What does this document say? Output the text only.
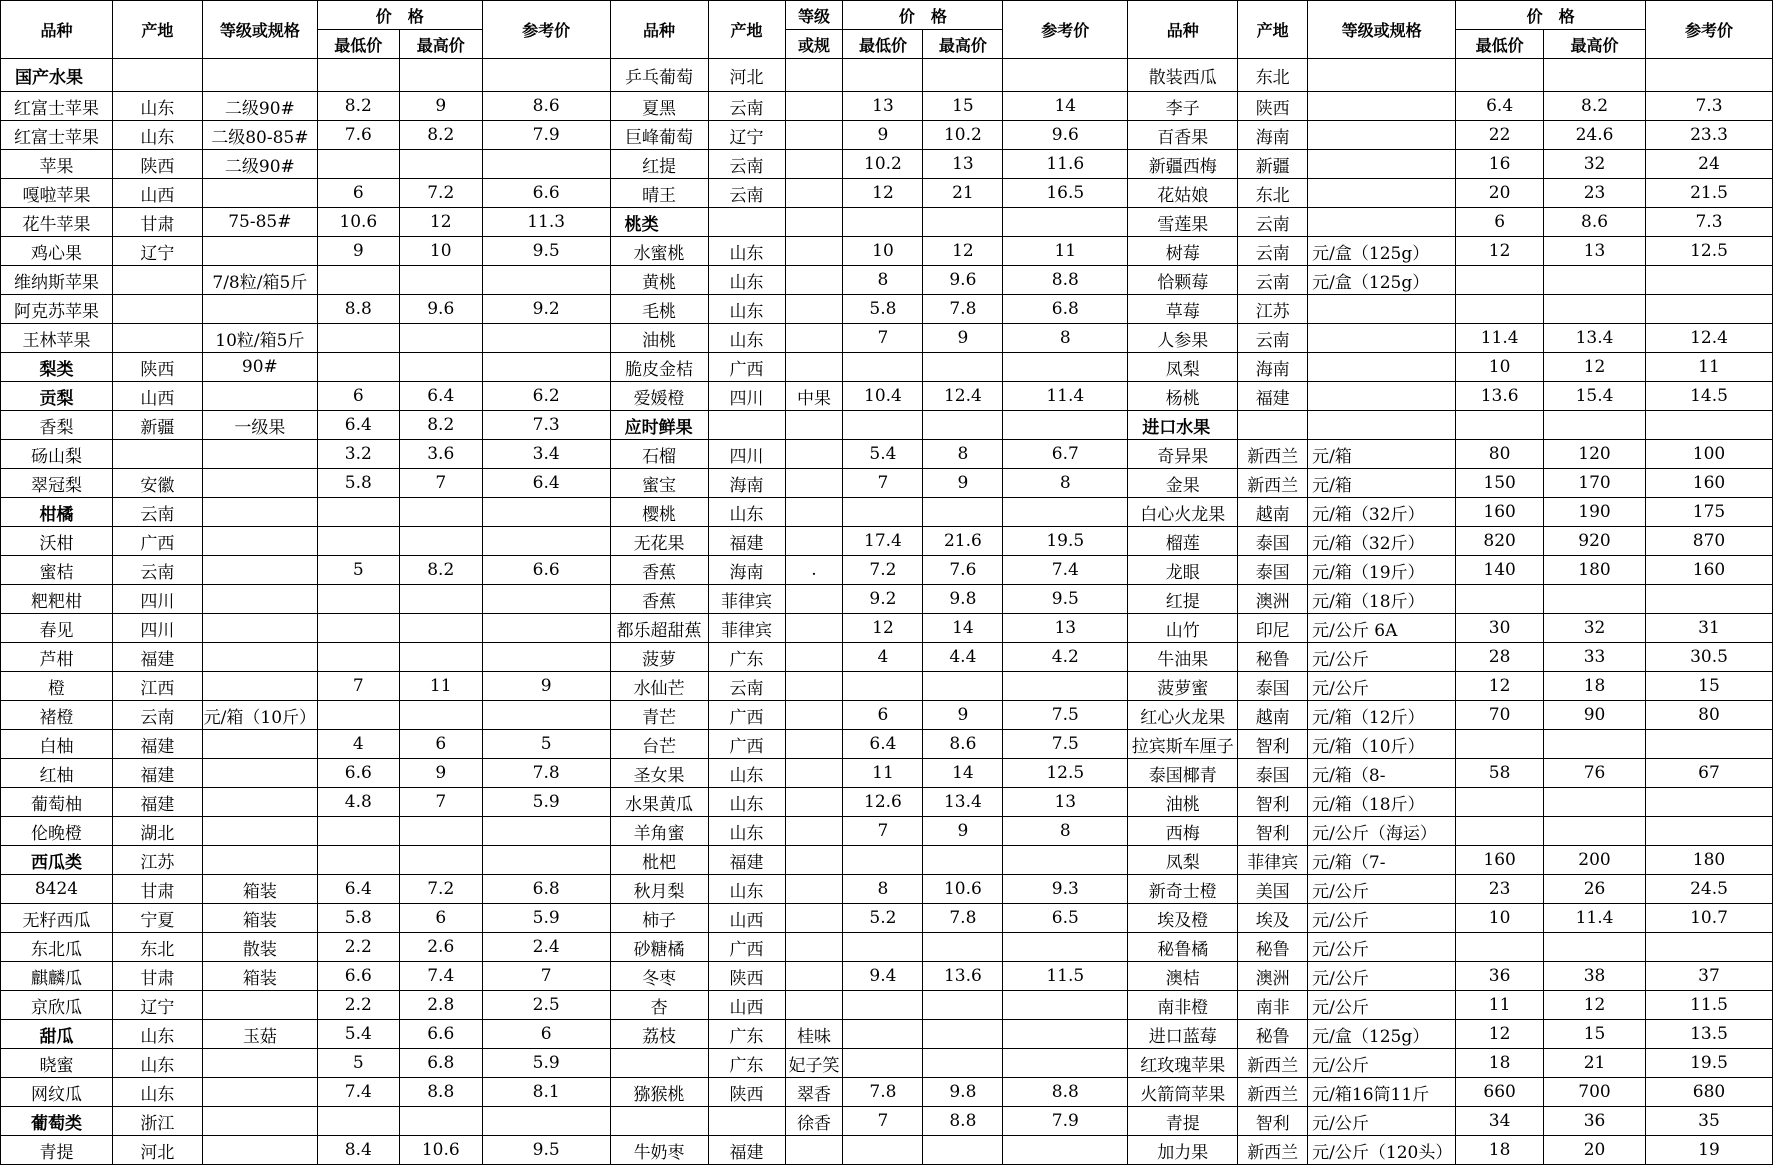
品种	产地	等级或规格	价　格		参考价	品种	产地	等级	价　格		参考价	品种	产地	等级或规格	价　格		参考价
			最低价	最高价				或规	最低价	最高价					最低价	最高价	
国产水果						乒乓葡萄	河北					散装西瓜	东北				
红富士苹果	山东	二级90#	8.2	9	8.6	夏黑	云南		13	15	14	李子	陕西		6.4	8.2	7.3
红富士苹果	山东	二级80-85#	7.6	8.2	7.9	巨峰葡萄	辽宁		9	10.2	9.6	百香果	海南		22	24.6	23.3
苹果	陕西	二级90#				红提	云南		10.2	13	11.6	新疆西梅	新疆		16	32	24
嘎啦苹果	山西		6	7.2	6.6	晴王	云南		12	21	16.5	花姑娘	东北		20	23	21.5
花牛苹果	甘肃	75-85#	10.6	12	11.3	桃类						雪莲果	云南		6	8.6	7.3
鸡心果	辽宁		9	10	9.5	水蜜桃	山东		10	12	11	树莓	云南	元/盒（125g）	12	13	12.5
维纳斯苹果		7/8粒/箱5斤				黄桃	山东		8	9.6	8.8	恰颗莓	云南	元/盒（125g）			
阿克苏苹果			8.8	9.6	9.2	毛桃	山东		5.8	7.8	6.8	草莓	江苏				
王林苹果		10粒/箱5斤				油桃	山东		7	9	8	人参果	云南		11.4	13.4	12.4
梨类	陕西	90#				脆皮金桔	广西					凤梨	海南		10	12	11
贡梨	山西		6	6.4	6.2	爱媛橙	四川	中果	10.4	12.4	11.4	杨桃	福建		13.6	15.4	14.5
香梨	新疆	一级果	6.4	8.2	7.3	应时鲜果						进口水果					
砀山梨			3.2	3.6	3.4	石榴	四川		5.4	8	6.7	奇异果	新西兰	元/箱	80	120	100
翠冠梨	安徽		5.8	7	6.4	蜜宝	海南		7	9	8	金果	新西兰	元/箱	150	170	160
柑橘	云南					樱桃	山东					白心火龙果	越南	元/箱（32斤）	160	190	175
沃柑	广西					无花果	福建		17.4	21.6	19.5	榴莲	泰国	元/箱（32斤）	820	920	870
蜜桔	云南		5	8.2	6.6	香蕉	海南	.	7.2	7.6	7.4	龙眼	泰国	元/箱（19斤）	140	180	160
粑粑柑	四川					香蕉	菲律宾		9.2	9.8	9.5	红提	澳洲	元/箱（18斤）			
春见	四川					都乐超甜蕉	菲律宾		12	14	13	山竹	印尼	元/公斤 6A	30	32	31
芦柑	福建					菠萝	广东		4	4.4	4.2	牛油果	秘鲁	元/公斤	28	33	30.5
橙	江西		7	11	9	水仙芒	云南					菠萝蜜	泰国	元/公斤	12	18	15
褚橙	云南	元/箱（10斤）				青芒	广西		6	9	7.5	红心火龙果	越南	元/箱（12斤）	70	90	80
白柚	福建		4	6	5	台芒	广西		6.4	8.6	7.5	拉宾斯车厘子	智利	元/箱（10斤）			
红柚	福建		6.6	9	7.8	圣女果	山东		11	14	12.5	泰国椰青	泰国	元/箱（8-	58	76	67
葡萄柚	福建		4.8	7	5.9	水果黄瓜	山东		12.6	13.4	13	油桃	智利	元/箱（18斤）			
伦晚橙	湖北					羊角蜜	山东		7	9	8	西梅	智利	元/公斤（海运）			
西瓜类	江苏					枇杷	福建					凤梨	菲律宾	元/箱（7-	160	200	180
8424	甘肃	箱装	6.4	7.2	6.8	秋月梨	山东		8	10.6	9.3	新奇士橙	美国	元/公斤	23	26	24.5
无籽西瓜	宁夏	箱装	5.8	6	5.9	柿子	山西		5.2	7.8	6.5	埃及橙	埃及	元/公斤	10	11.4	10.7
东北瓜	东北	散装	2.2	2.6	2.4	砂糖橘	广西					秘鲁橘	秘鲁	元/公斤			
麒麟瓜	甘肃	箱装	6.6	7.4	7	冬枣	陕西		9.4	13.6	11.5	澳桔	澳洲	元/公斤	36	38	37
京欣瓜	辽宁		2.2	2.8	2.5	杏	山西					南非橙	南非	元/公斤	11	12	11.5
甜瓜	山东	玉菇	5.4	6.6	6	荔枝	广东	桂味				进口蓝莓	秘鲁	元/盒（125g）	12	15	13.5
晓蜜	山东		5	6.8	5.9		广东	妃子笑				红玫瑰苹果	新西兰	元/公斤	18	21	19.5
网纹瓜	山东		7.4	8.8	8.1	猕猴桃	陕西	翠香	7.8	9.8	8.8	火箭筒苹果	新西兰	元/箱16筒11斤	660	700	680
葡萄类	浙江							徐香	7	8.8	7.9	青提	智利	元/公斤	34	36	35
青提	河北		8.4	10.6	9.5	牛奶枣	福建					加力果	新西兰	元/公斤（120头）	18	20	19
